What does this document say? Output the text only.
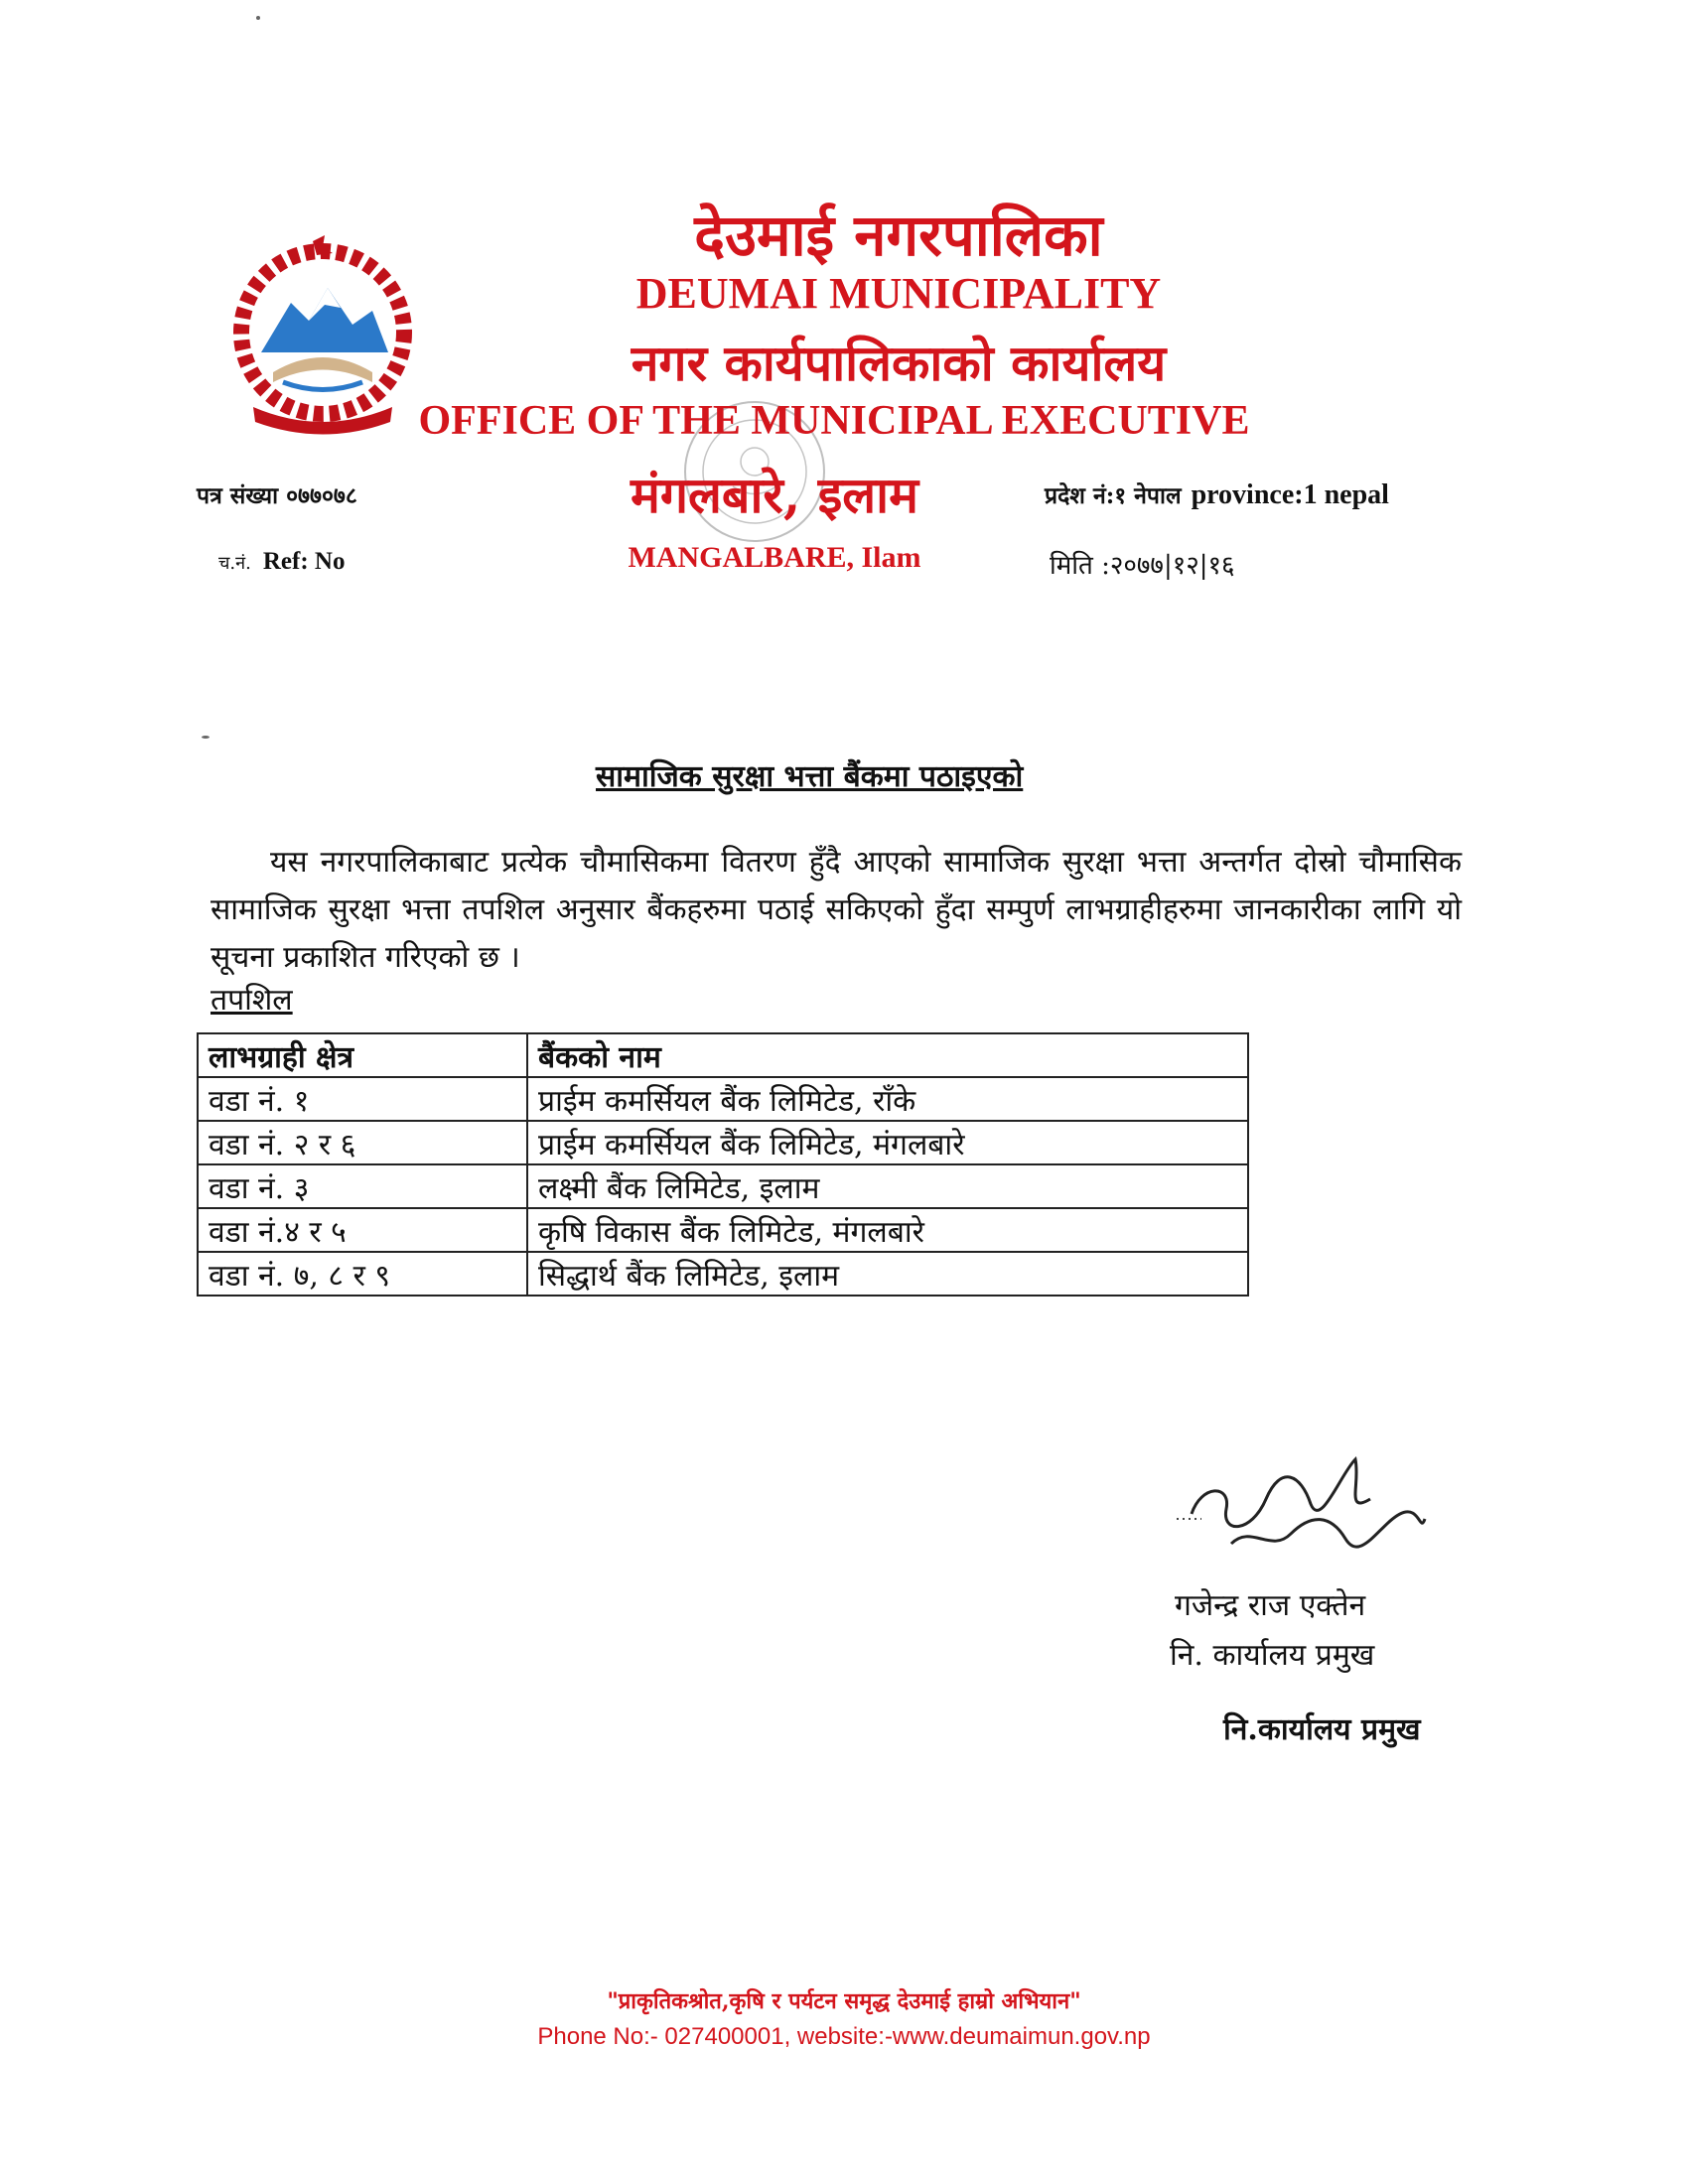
देउमाई नगरपालिका
DEUMAI MUNICIPALITY
नगर कार्यपालिकाको कार्यालय
OFFICE OF THE MUNICIPAL EXECUTIVE
मंगलबारे, इलाम
MANGALBARE, Ilam
पत्र संख्या ०७७०७८
च.नं. Ref: No
प्रदेश नं:१ नेपाल province:1 nepal
मिति :२०७७|१२|१६
सामाजिक सुरक्षा भत्ता बैंकमा पठाइएको
यस नगरपालिकाबाट प्रत्येक चौमासिकमा वितरण हुँदै आएको सामाजिक सुरक्षा भत्ता अन्तर्गत दोस्रो चौमासिक सामाजिक सुरक्षा भत्ता तपशिल अनुसार बैंकहरुमा पठाई सकिएको हुँदा सम्पुर्ण लाभग्राहीहरुमा जानकारीका लागि यो सूचना प्रकाशित गरिएको छ ।
तपशिल
लाभग्राही क्षेत्र	बैंकको नाम
वडा नं. १	प्राईम कमर्सियल बैंक लिमिटेड, राँके
वडा नं. २ र ६	प्राईम कमर्सियल बैंक लिमिटेड, मंगलबारे
वडा नं. ३	लक्ष्मी बैंक लिमिटेड, इलाम
वडा नं.४ र ५	कृषि विकास बैंक लिमिटेड, मंगलबारे
वडा नं. ७, ८ र ९	सिद्धार्थ बैंक लिमिटेड, इलाम
गजेन्द्र राज एक्तेन
नि. कार्यालय प्रमुख
नि.कार्यालय प्रमुख
"प्राकृतिकश्रोत,कृषि र पर्यटन समृद्ध देउमाई हाम्रो अभियान"
Phone No:- 027400001, website:-www.deumaimun.gov.np
